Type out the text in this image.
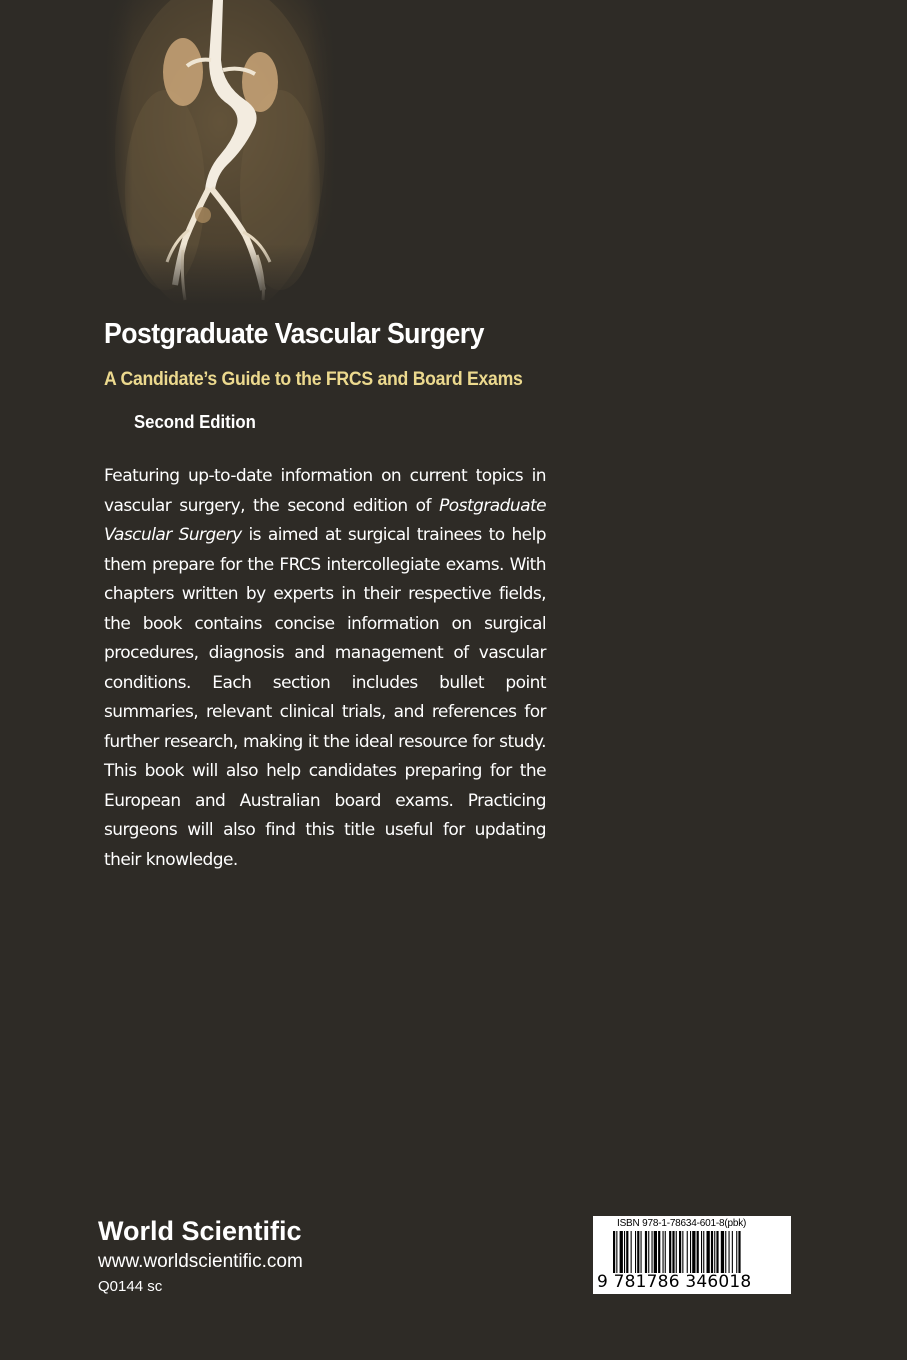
Postgraduate Vascular Surgery
A Candidate’s Guide to the FRCS and Board Exams
Second Edition
Featuring up-to-date information on current topics in vascular surgery, the second edition of Postgraduate Vascular Surgery is aimed at surgical trainees to help them prepare for the FRCS intercollegiate exams. With chapters written by experts in their respective fields, the book contains concise information on surgical procedures, diagnosis and management of vascular conditions. Each section includes bullet point summaries, relevant clinical trials, and references for further research, making it the ideal resource for study. This book will also help candidates preparing for the European and Australian board exams. Practicing surgeons will also find this title useful for updating their knowledge.
World Scientific
www.worldscientific.com
Q0144 sc
ISBN 978-1-78634-601-8(pbk)
9 781786 346018
